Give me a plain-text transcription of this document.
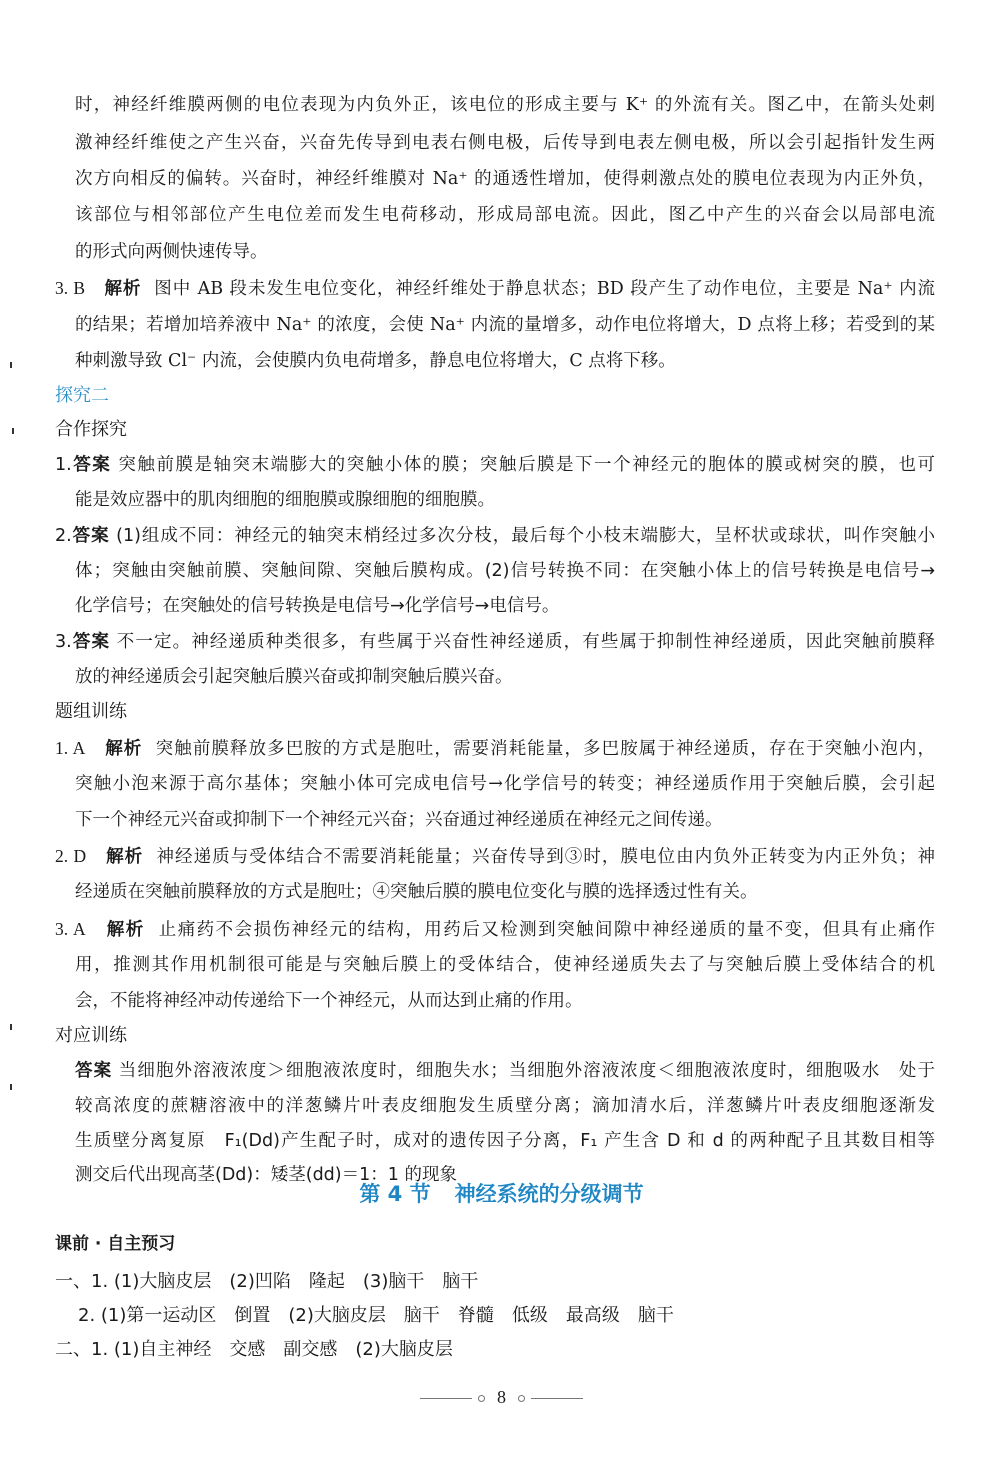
时，神经纤维膜两侧的电位表现为内负外正，该电位的形成主要与 K⁺ 的外流有关。图乙中，在箭头处刺
激神经纤维使之产生兴奋，兴奋先传导到电表右侧电极，后传导到电表左侧电极，所以会引起指针发生两
次方向相反的偏转。兴奋时，神经纤维膜对 Na⁺ 的通透性增加，使得刺激点处的膜电位表现为内正外负，
该部位与相邻部位产生电位差而发生电荷移动，形成局部电流。因此，图乙中产生的兴奋会以局部电流
的形式向两侧快速传导。
3. B 解析 图中 AB 段未发生电位变化，神经纤维处于静息状态；BD 段产生了动作电位，主要是 Na⁺ 内流
的结果；若增加培养液中 Na⁺ 的浓度，会使 Na⁺ 内流的量增多，动作电位将增大，D 点将上移；若受到的某
种刺激导致 Cl⁻ 内流，会使膜内负电荷增多，静息电位将增大，C 点将下移。
探究二
合作探究
1.答案 突触前膜是轴突末端膨大的突触小体的膜；突触后膜是下一个神经元的胞体的膜或树突的膜，也可
能是效应器中的肌肉细胞的细胞膜或腺细胞的细胞膜。
2.答案 (1)组成不同：神经元的轴突末梢经过多次分枝，最后每个小枝末端膨大，呈杯状或球状，叫作突触小
体；突触由突触前膜、突触间隙、突触后膜构成。(2)信号转换不同：在突触小体上的信号转换是电信号→
化学信号；在突触处的信号转换是电信号→化学信号→电信号。
3.答案 不一定。神经递质种类很多，有些属于兴奋性神经递质，有些属于抑制性神经递质，因此突触前膜释
放的神经递质会引起突触后膜兴奋或抑制突触后膜兴奋。
题组训练
1. A 解析 突触前膜释放多巴胺的方式是胞吐，需要消耗能量，多巴胺属于神经递质，存在于突触小泡内，
突触小泡来源于高尔基体；突触小体可完成电信号→化学信号的转变；神经递质作用于突触后膜，会引起
下一个神经元兴奋或抑制下一个神经元兴奋；兴奋通过神经递质在神经元之间传递。
2. D 解析 神经递质与受体结合不需要消耗能量；兴奋传导到③时，膜电位由内负外正转变为内正外负；神
经递质在突触前膜释放的方式是胞吐；④突触后膜的膜电位变化与膜的选择透过性有关。
3. A 解析 止痛药不会损伤神经元的结构，用药后又检测到突触间隙中神经递质的量不变，但具有止痛作
用，推测其作用机制很可能是与突触后膜上的受体结合，使神经递质失去了与突触后膜上受体结合的机
会，不能将神经冲动传递给下一个神经元，从而达到止痛的作用。
对应训练
答案 当细胞外溶液浓度＞细胞液浓度时，细胞失水；当细胞外溶液浓度＜细胞液浓度时，细胞吸水　处于
较高浓度的蔗糖溶液中的洋葱鳞片叶表皮细胞发生质壁分离；滴加清水后，洋葱鳞片叶表皮细胞逐渐发
生质壁分离复原　F₁(Dd)产生配子时，成对的遗传因子分离，F₁ 产生含 D 和 d 的两种配子且其数目相等
测交后代出现高茎(Dd)：矮茎(dd)＝1：1 的现象
第 4 节 神经系统的分级调节
课前 · 自主预习
一、1. (1)大脑皮层　(2)凹陷　隆起　(3)脑干　脑干
2. (1)第一运动区　倒置　(2)大脑皮层　脑干　脊髓　低级　最高级　脑干
二、1. (1)自主神经　交感　副交感　(2)大脑皮层
8
